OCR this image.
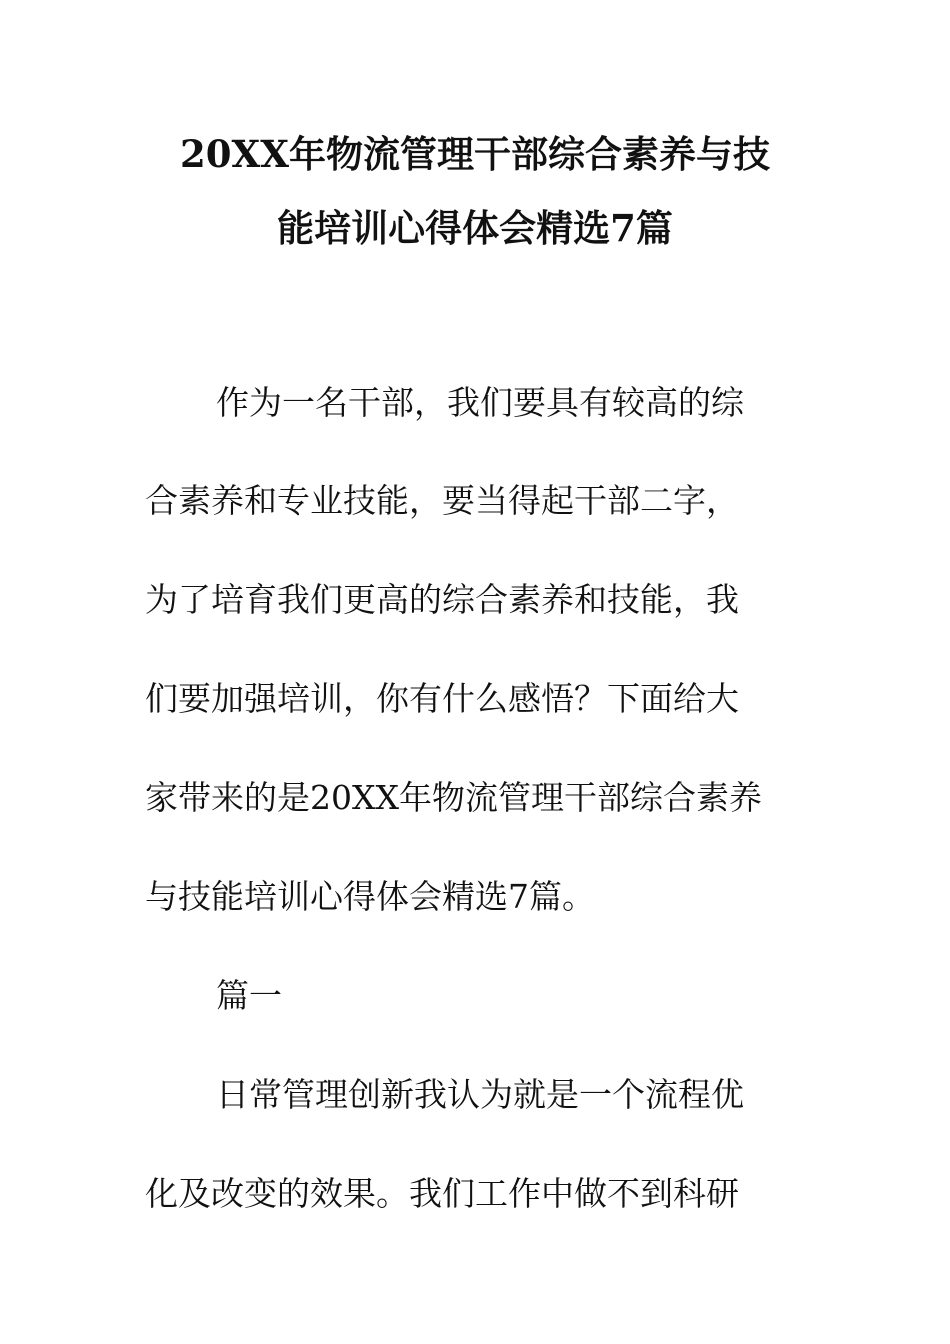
20XX年物流管理干部综合素养与技
能培训心得体会精选7篇
作为一名干部，我们要具有较高的综
合素养和专业技能，要当得起干部二字，
为了培育我们更高的综合素养和技能，我
们要加强培训，你有什么感悟？下面给大
家带来的是20XX年物流管理干部综合素养
与技能培训心得体会精选7篇。
篇一
日常管理创新我认为就是一个流程优
化及改变的效果。我们工作中做不到科研
